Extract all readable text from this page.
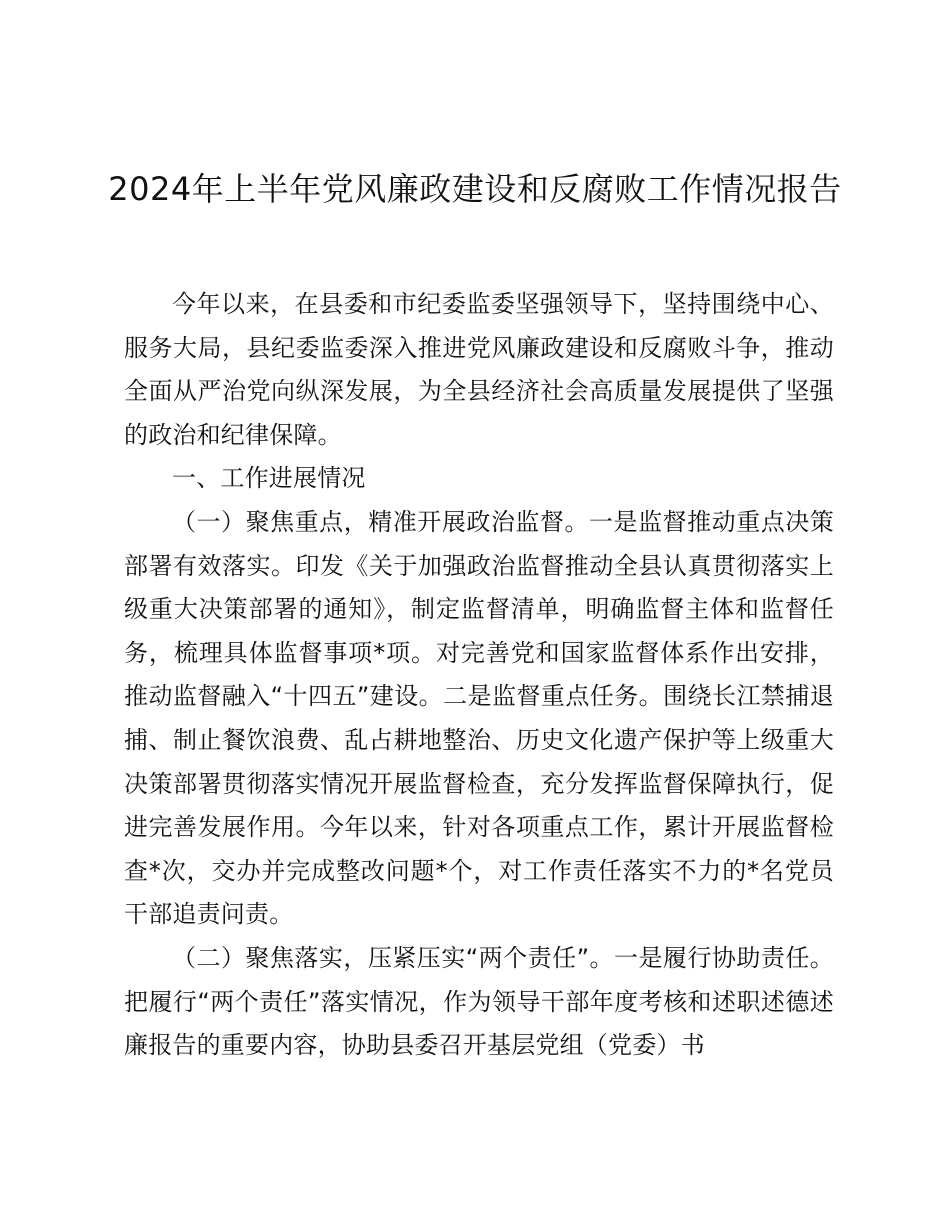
2024年上半年党风廉政建设和反腐败工作情况报告

今年以来，在县委和市纪委监委坚强领导下，坚持围绕中心、服务大局，县纪委监委深入推进党风廉政建设和反腐败斗争，推动全面从严治党向纵深发展，为全县经济社会高质量发展提供了坚强的政治和纪律保障。

一、工作进展情况

（一）聚焦重点，精准开展政治监督。一是监督推动重点决策部署有效落实。印发《关于加强政治监督推动全县认真贯彻落实上级重大决策部署的通知》，制定监督清单，明确监督主体和监督任务，梳理具体监督事项*项。对完善党和国家监督体系作出安排，推动监督融入“十四五”建设。二是监督重点任务。围绕长江禁捕退捕、制止餐饮浪费、乱占耕地整治、历史文化遗产保护等上级重大决策部署贯彻落实情况开展监督检查，充分发挥监督保障执行，促进完善发展作用。今年以来，针对各项重点工作，累计开展监督检查*次，交办并完成整改问题*个，对工作责任落实不力的*名党员干部追责问责。

（二）聚焦落实，压紧压实“两个责任”。一是履行协助责任。把履行“两个责任”落实情况，作为领导干部年度考核和述职述德述廉报告的重要内容，协助县委召开基层党组（党委）书
